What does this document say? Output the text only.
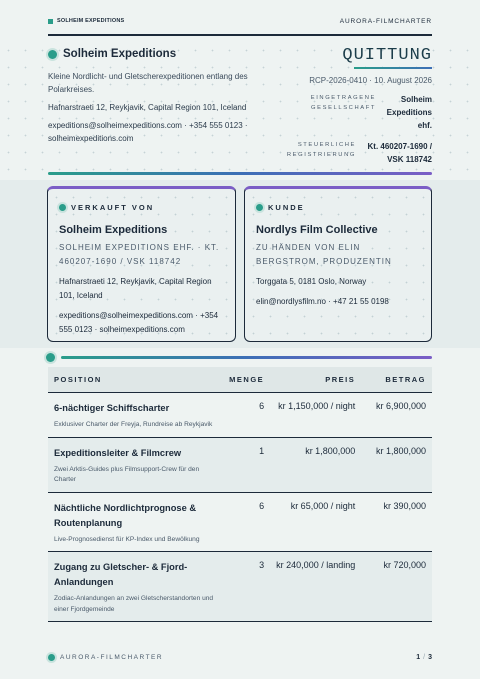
SOLHEIM EXPEDITIONS	AURORA-FILMCHARTER
Solheim Expeditions
Kleine Nordlicht- und Gletscherexpeditionen entlang des Polarkreises.
Hafnarstraeti 12, Reykjavik, Capital Region 101, Iceland
expeditions@solheimexpeditions.com · +354 555 0123 · solheimexpeditions.com
QUITTUNG
RCP-2026-0410 · 10. August 2026
EINGETRAGENE GESELLSCHAFT
Solheim Expeditions ehf.
STEUERLICHE REGISTRIERUNG
Kt. 460207-1690 / VSK 118742
VERKAUFT VON
Solheim Expeditions
SOLHEIM EXPEDITIONS EHF. · KT. 460207-1690 / VSK 118742
Hafnarstraeti 12, Reykjavik, Capital Region 101, Iceland
expeditions@solheimexpeditions.com · +354 555 0123 · solheimexpeditions.com
KUNDE
Nordlys Film Collective
ZU HÄNDEN VON ELIN BERGSTROM, PRODUZENTIN
Torggata 5, 0181 Oslo, Norway
elin@nordlysfilm.no · +47 21 55 0198
POSITION	MENGE	PREIS	BETRAG

6-nächtiger Schiffscharter
Exklusiver Charter der Freyja, Rundreise ab Reykjavik	6	kr 1,150,000 / night	kr 6,900,000

Expeditionsleiter & Filmcrew
Zwei Arktis-Guides plus Filmsupport-Crew für den Charter	1	kr 1,800,000	kr 1,800,000

Nächtliche Nordlichtprognose & Routenplanung
Live-Prognosedienst für KP-Index und Bewölkung	6	kr 65,000 / night	kr 390,000

Zugang zu Gletscher- & Fjord-Anlandungen
Zodiac-Anlandungen an zwei Gletscherstandorten und einer Fjordgemeinde	3	kr 240,000 / landing	kr 720,000
AURORA-FILMCHARTER	1 / 3
